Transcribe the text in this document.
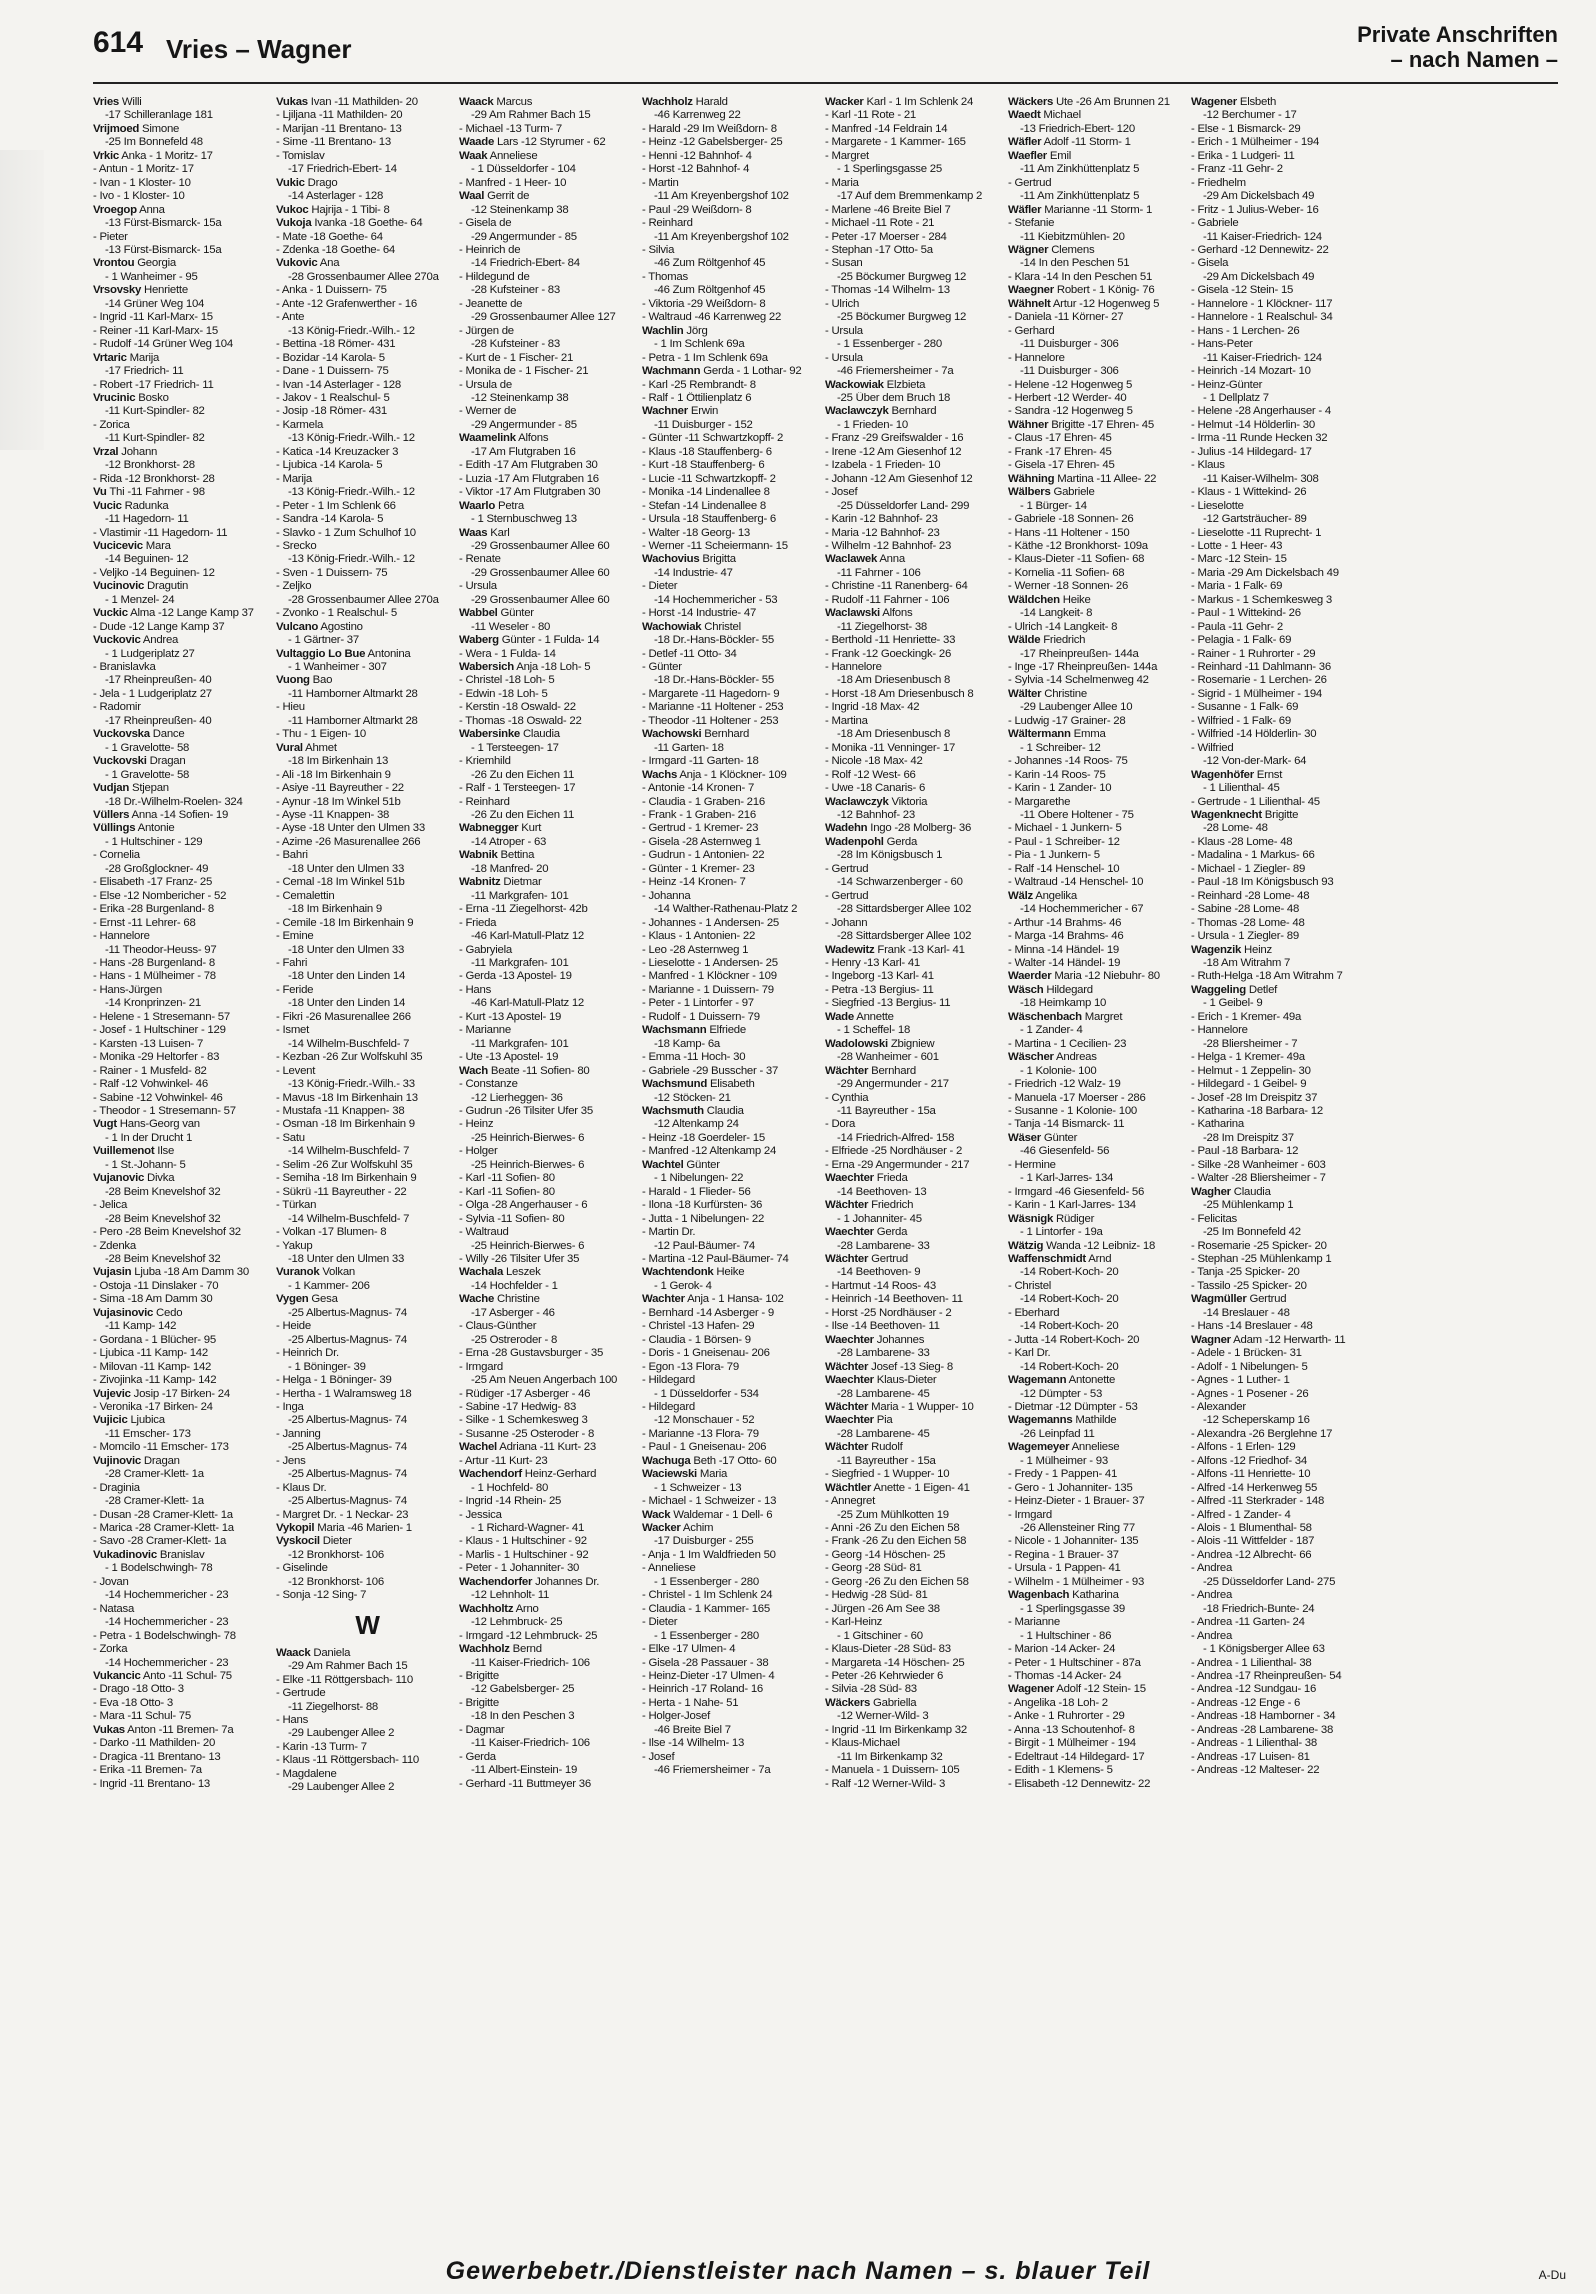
614 Vries – Wagner	Private Anschriften
– nach Namen –
Vries Willi
-17 Schilleranlage 181
Vrijmoed Simone
-25 Im Bonnefeld 48
Vrkic Anka - 1 Moritz- 17
- Antun - 1 Moritz- 17
- Ivan - 1 Kloster- 10
- Ivo - 1 Kloster- 10
Vroegop Anna
-13 Fürst-Bismarck- 15a
- Pieter
-13 Fürst-Bismarck- 15a
Vrontou Georgia
- 1 Wanheimer - 95
Vrsovsky Henriette
-14 Grüner Weg 104
- Ingrid -11 Karl-Marx- 15
- Reiner -11 Karl-Marx- 15
- Rudolf -14 Grüner Weg 104
Vrtaric Marija
-17 Friedrich- 11
- Robert -17 Friedrich- 11
Vrucinic Bosko
-11 Kurt-Spindler- 82
- Zorica
-11 Kurt-Spindler- 82
Vrzal Johann
-12 Bronkhorst- 28
- Rida -12 Bronkhorst- 28
Vu Thi -11 Fahrner - 98
Vucic Radunka
-11 Hagedorn- 11
- Vlastimir -11 Hagedorn- 11
Vucicevic Mara
-14 Beguinen- 12
- Veljko -14 Beguinen- 12
Vucinovic Dragutin
- 1 Menzel- 24
Vuckic Alma -12 Lange Kamp 37
- Dude -12 Lange Kamp 37
Vuckovic Andrea
- 1 Ludgeriplatz 27
- Branislavka
-17 Rheinpreußen- 40
- Jela - 1 Ludgeriplatz 27
- Radomir
-17 Rheinpreußen- 40
Vuckovska Dance
- 1 Gravelotte- 58
Vuckovski Dragan
- 1 Gravelotte- 58
Vudjan Stjepan
-18 Dr.-Wilhelm-Roelen- 324
Vüllers Anna -14 Sofien- 19
Vüllings Antonie
- 1 Hultschiner - 129
- Cornelia
-28 Großglockner- 49
- Elisabeth -17 Franz- 25
- Else -12 Nombericher - 52
- Erika -28 Burgenland- 8
- Ernst -11 Lehrer- 68
- Hannelore
-11 Theodor-Heuss- 97
- Hans -28 Burgenland- 8
- Hans - 1 Mülheimer - 78
- Hans-Jürgen
-14 Kronprinzen- 21
- Helene - 1 Stresemann- 57
- Josef - 1 Hultschiner - 129
- Karsten -13 Luisen- 7
- Monika -29 Heltorfer - 83
- Rainer - 1 Musfeld- 82
- Ralf -12 Vohwinkel- 46
- Sabine -12 Vohwinkel- 46
- Theodor - 1 Stresemann- 57
Vugt Hans-Georg van
- 1 In der Drucht 1
Vuillemenot Ilse
- 1 St.-Johann- 5
Vujanovic Divka
-28 Beim Knevelshof 32
- Jelica
-28 Beim Knevelshof 32
- Pero -28 Beim Knevelshof 32
- Zdenka
-28 Beim Knevelshof 32
Vujasin Ljuba -18 Am Damm 30
- Ostoja -11 Dinslaker - 70
- Sima -18 Am Damm 30
Vujasinovic Cedo
-11 Kamp- 142
- Gordana - 1 Blücher- 95
- Ljubica -11 Kamp- 142
- Milovan -11 Kamp- 142
- Zivojinka -11 Kamp- 142
Vujevic Josip -17 Birken- 24
- Veronika -17 Birken- 24
Vujicic Ljubica
-11 Emscher- 173
- Momcilo -11 Emscher- 173
Vujinovic Dragan
-28 Cramer-Klett- 1a
- Draginia
-28 Cramer-Klett- 1a
- Dusan -28 Cramer-Klett- 1a
- Marica -28 Cramer-Klett- 1a
- Savo -28 Cramer-Klett- 1a
Vukadinovic Branislav
- 1 Bodelschwingh- 78
- Jovan
-14 Hochemmericher - 23
- Natasa
-14 Hochemmericher - 23
- Petra - 1 Bodelschwingh- 78
- Zorka
-14 Hochemmericher - 23
Vukancic Anto -11 Schul- 75
- Drago -18 Otto- 3
- Eva -18 Otto- 3
- Mara -11 Schul- 75
Vukas Anton -11 Bremen- 7a
- Darko -11 Mathilden- 20
- Dragica -11 Brentano- 13
- Erika -11 Bremen- 7a
- Ingrid -11 Brentano- 13
Vukas Ivan -11 Mathilden- 20
- Ljiljana -11 Mathilden- 20
- Marijan -11 Brentano- 13
- Sime -11 Brentano- 13
- Tomislav
-17 Friedrich-Ebert- 14
Vukic Drago
-14 Asterlager - 128
Vukoc Hajrija - 1 Tibi- 8
Vukoja Ivanka -18 Goethe- 64
- Mate -18 Goethe- 64
- Zdenka -18 Goethe- 64
Vukovic Ana
-28 Grossenbaumer Allee 270a
- Anka - 1 Duissern- 75
- Ante -12 Grafenwerther - 16
- Ante
-13 König-Friedr.-Wilh.- 12
- Bettina -18 Römer- 431
- Bozidar -14 Karola- 5
- Dane - 1 Duissern- 75
- Ivan -14 Asterlager - 128
- Jakov - 1 Realschul- 5
- Josip -18 Römer- 431
- Karmela
-13 König-Friedr.-Wilh.- 12
- Katica -14 Kreuzacker 3
- Ljubica -14 Karola- 5
- Marija
-13 König-Friedr.-Wilh.- 12
- Peter - 1 Im Schlenk 66
- Sandra -14 Karola- 5
- Slavko - 1 Zum Schulhof 10
- Srecko
-13 König-Friedr.-Wilh.- 12
- Sven - 1 Duissern- 75
- Zeljko
-28 Grossenbaumer Allee 270a
- Zvonko - 1 Realschul- 5
Vulcano Agostino
- 1 Gärtner- 37
Vultaggio Lo Bue Antonina
- 1 Wanheimer - 307
Vuong Bao
-11 Hamborner Altmarkt 28
- Hieu
-11 Hamborner Altmarkt 28
- Thu - 1 Eigen- 10
Vural Ahmet
-18 Im Birkenhain 13
- Ali -18 Im Birkenhain 9
- Asiye -11 Bayreuther - 22
- Aynur -18 Im Winkel 51b
- Ayse -11 Knappen- 38
- Ayse -18 Unter den Ulmen 33
- Azime -26 Masurenallee 266
- Bahri
-18 Unter den Ulmen 33
- Cemal -18 Im Winkel 51b
- Cemalettin
-18 Im Birkenhain 9
- Cemile -18 Im Birkenhain 9
- Emine
-18 Unter den Ulmen 33
- Fahri
-18 Unter den Linden 14
- Feride
-18 Unter den Linden 14
- Fikri -26 Masurenallee 266
- Ismet
-14 Wilhelm-Buschfeld- 7
- Kezban -26 Zur Wolfskuhl 35
- Levent
-13 König-Friedr.-Wilh.- 33
- Mavus -18 Im Birkenhain 13
- Mustafa -11 Knappen- 38
- Osman -18 Im Birkenhain 9
- Satu
-14 Wilhelm-Buschfeld- 7
- Selim -26 Zur Wolfskuhl 35
- Semiha -18 Im Birkenhain 9
- Sükrü -11 Bayreuther - 22
- Türkan
-14 Wilhelm-Buschfeld- 7
- Volkan -17 Blumen- 8
- Yakup
-18 Unter den Ulmen 33
Vuranok Volkan
- 1 Kammer- 206
Vygen Gesa
-25 Albertus-Magnus- 74
- Heide
-25 Albertus-Magnus- 74
- Heinrich Dr.
- 1 Böninger- 39
- Helga - 1 Böninger- 39
- Hertha - 1 Walramsweg 18
- Inga
-25 Albertus-Magnus- 74
- Janning
-25 Albertus-Magnus- 74
- Jens
-25 Albertus-Magnus- 74
- Klaus Dr.
-25 Albertus-Magnus- 74
- Margret Dr. - 1 Neckar- 23
Vykopil Maria -46 Marien- 1
Vyskocil Dieter
-12 Bronkhorst- 106
- Giselinde
-12 Bronkhorst- 106
- Sonja -12 Sing- 7
W
Waack Daniela
-29 Am Rahmer Bach 15
- Elke -11 Röttgersbach- 110
- Gertrude
-11 Ziegelhorst- 88
- Hans
-29 Laubenger Allee 2
- Karin -13 Turm- 7
- Klaus -11 Röttgersbach- 110
- Magdalene
-29 Laubenger Allee 2
Waack Marcus
-29 Am Rahmer Bach 15
- Michael -13 Turm- 7
Waade Lars -12 Styrumer - 62
Waak Anneliese
- 1 Düsseldorfer - 104
- Manfred - 1 Heer- 10
Waal Gerrit de
-12 Steinenkamp 38
- Gisela de
-29 Angermunder - 85
- Heinrich de
-14 Friedrich-Ebert- 84
- Hildegund de
-28 Kufsteiner - 83
- Jeanette de
-29 Grossenbaumer Allee 127
- Jürgen de
-28 Kufsteiner - 83
- Kurt de - 1 Fischer- 21
- Monika de - 1 Fischer- 21
- Ursula de
-12 Steinenkamp 38
- Werner de
-29 Angermunder - 85
Waamelink Alfons
-17 Am Flutgraben 16
- Edith -17 Am Flutgraben 30
- Luzia -17 Am Flutgraben 16
- Viktor -17 Am Flutgraben 30
Waarlo Petra
- 1 Sternbuschweg 13
Waas Karl
-29 Grossenbaumer Allee 60
- Renate
-29 Grossenbaumer Allee 60
- Ursula
-29 Grossenbaumer Allee 60
Wabbel Günter
-11 Weseler - 80
Waberg Günter - 1 Fulda- 14
- Wera - 1 Fulda- 14
Wabersich Anja -18 Loh- 5
- Christel -18 Loh- 5
- Edwin -18 Loh- 5
- Kerstin -18 Oswald- 22
- Thomas -18 Oswald- 22
Wabersinke Claudia
- 1 Tersteegen- 17
- Kriemhild
-26 Zu den Eichen 11
- Ralf - 1 Tersteegen- 17
- Reinhard
-26 Zu den Eichen 11
Wabnegger Kurt
-14 Atroper - 63
Wabnik Bettina
-18 Manfred- 20
Wabnitz Dietmar
-11 Markgrafen- 101
- Erna -11 Ziegelhorst- 42b
- Frieda
-46 Karl-Matull-Platz 12
- Gabryiela
-11 Markgrafen- 101
- Gerda -13 Apostel- 19
- Hans
-46 Karl-Matull-Platz 12
- Kurt -13 Apostel- 19
- Marianne
-11 Markgrafen- 101
- Ute -13 Apostel- 19
Wach Beate -11 Sofien- 80
- Constanze
-12 Lierheggen- 36
- Gudrun -26 Tilsiter Ufer 35
- Heinz
-25 Heinrich-Bierwes- 6
- Holger
-25 Heinrich-Bierwes- 6
- Karl -11 Sofien- 80
- Karl -11 Sofien- 80
- Olga -28 Angerhauser - 6
- Sylvia -11 Sofien- 80
- Waltraud
-25 Heinrich-Bierwes- 6
- Willy -26 Tilsiter Ufer 35
Wachala Leszek
-14 Hochfelder - 1
Wache Christine
-17 Asberger - 46
- Claus-Günther
-25 Ostreroder - 8
- Erna -28 Gustavsburger - 35
- Irmgard
-25 Am Neuen Angerbach 100
- Rüdiger -17 Asberger - 46
- Sabine -17 Hedwig- 83
- Silke - 1 Schemkesweg 3
- Susanne -25 Osteroder - 8
Wachel Adriana -11 Kurt- 23
- Artur -11 Kurt- 23
Wachendorf Heinz-Gerhard
- 1 Hochfeld- 80
- Ingrid -14 Rhein- 25
- Jessica
- 1 Richard-Wagner- 41
- Klaus - 1 Hultschiner - 92
- Marlis - 1 Hultschiner - 92
- Peter - 1 Johanniter- 30
Wachendorfer Johannes Dr.
-12 Lehnholt- 11
Wachholtz Arno
-12 Lehmbruck- 25
- Irmgard -12 Lehmbruck- 25
Wachholz Bernd
-11 Kaiser-Friedrich- 106
- Brigitte
-12 Gabelsberger- 25
- Brigitte
-18 In den Peschen 3
- Dagmar
-11 Kaiser-Friedrich- 106
- Gerda
-11 Albert-Einstein- 19
- Gerhard -11 Buttmeyer 36
Wachholz Harald
-46 Karrenweg 22
- Harald -29 Im Weißdorn- 8
- Heinz -12 Gabelsberger- 25
- Henni -12 Bahnhof- 4
- Horst -12 Bahnhof- 4
- Martin
-11 Am Kreyenbergshof 102
- Paul -29 Weißdorn- 8
- Reinhard
-11 Am Kreyenbergshof 102
- Silvia
-46 Zum Röltgenhof 45
- Thomas
-46 Zum Röltgenhof 45
- Viktoria -29 Weißdorn- 8
- Waltraud -46 Karrenweg 22
Wachlin Jörg
- 1 Im Schlenk 69a
- Petra - 1 Im Schlenk 69a
Wachmann Gerda - 1 Lothar- 92
- Karl -25 Rembrandt- 8
- Ralf - 1 Öttilienplatz 6
Wachner Erwin
-11 Duisburger - 152
- Günter -11 Schwartzkopff- 2
- Klaus -18 Stauffenberg- 6
- Kurt -18 Stauffenberg- 6
- Lucie -11 Schwartzkopff- 2
- Monika -14 Lindenallee 8
- Stefan -14 Lindenallee 8
- Ursula -18 Stauffenberg- 6
- Walter -18 Georg- 13
- Werner -11 Scheiermann- 15
Wachovius Brigitta
-14 Industrie- 47
- Dieter
-14 Hochemmericher - 53
- Horst -14 Industrie- 47
Wachowiak Christel
-18 Dr.-Hans-Böckler- 55
- Detlef -11 Otto- 34
- Günter
-18 Dr.-Hans-Böckler- 55
- Margarete -11 Hagedorn- 9
- Marianne -11 Holtener - 253
- Theodor -11 Holtener - 253
Wachowski Bernhard
-11 Garten- 18
- Irmgard -11 Garten- 18
Wachs Anja - 1 Klöckner- 109
- Antonie -14 Kronen- 7
- Claudia - 1 Graben- 216
- Frank - 1 Graben- 216
- Gertrud - 1 Kremer- 23
- Gisela -28 Asternweg 1
- Gudrun - 1 Antonien- 22
- Günter - 1 Kremer- 23
- Heinz -14 Kronen- 7
- Johanna
-14 Walther-Rathenau-Platz 2
- Johannes - 1 Andersen- 25
- Klaus - 1 Antonien- 22
- Leo -28 Asternweg 1
- Lieselotte - 1 Andersen- 25
- Manfred - 1 Klöckner - 109
- Marianne - 1 Duissern- 79
- Peter - 1 Lintorfer - 97
- Rudolf - 1 Duissern- 79
Wachsmann Elfriede
-18 Kamp- 6a
- Emma -11 Hoch- 30
- Gabriele -29 Busscher - 37
Wachsmund Elisabeth
-12 Stöcken- 21
Wachsmuth Claudia
-12 Altenkamp 24
- Heinz -18 Goerdeler- 15
- Manfred -12 Altenkamp 24
Wachtel Günter
- 1 Nibelungen- 22
- Harald - 1 Flieder- 56
- Ilona -18 Kurfürsten- 36
- Jutta - 1 Nibelungen- 22
- Martin Dr.
-12 Paul-Bäumer- 74
- Martina -12 Paul-Bäumer- 74
Wachtendonk Heike
- 1 Gerok- 4
Wachter Anja - 1 Hansa- 102
- Bernhard -14 Asberger - 9
- Christel -13 Hafen- 29
- Claudia - 1 Börsen- 9
- Doris - 1 Gneisenau- 206
- Egon -13 Flora- 79
- Hildegard
- 1 Düsseldorfer - 534
- Hildegard
-12 Monschauer - 52
- Marianne -13 Flora- 79
- Paul - 1 Gneisenau- 206
Wachuga Beth -17 Otto- 60
Waciewski Maria
- 1 Schweizer - 13
- Michael - 1 Schweizer - 13
Wack Waldemar - 1 Dell- 6
Wacker Achim
-17 Duisburger - 255
- Anja - 1 Im Waldfrieden 50
- Anneliese
- 1 Essenberger - 280
- Christel - 1 Im Schlenk 24
- Claudia - 1 Kammer- 165
- Dieter
- 1 Essenberger - 280
- Elke -17 Ulmen- 4
- Gisela -28 Passauer - 38
- Heinz-Dieter -17 Ulmen- 4
- Heinrich -17 Roland- 16
- Herta - 1 Nahe- 51
- Holger-Josef
-46 Breite Biel 7
- Ilse -14 Wilhelm- 13
- Josef
-46 Friemersheimer - 7a
Wacker Karl - 1 Im Schlenk 24
- Karl -11 Rote - 21
- Manfred -14 Feldrain 14
- Margarete - 1 Kammer- 165
- Margret
- 1 Sperlingsgasse 25
- Maria
-17 Auf dem Bremmenkamp 2
- Marlene -46 Breite Biel 7
- Michael -11 Rote - 21
- Peter -17 Moerser - 284
- Stephan -17 Otto- 5a
- Susan
-25 Böckumer Burgweg 12
- Thomas -14 Wilhelm- 13
- Ulrich
-25 Böckumer Burgweg 12
- Ursula
- 1 Essenberger - 280
- Ursula
-46 Friemersheimer - 7a
Wackowiak Elzbieta
-25 Über dem Bruch 18
Waclawczyk Bernhard
- 1 Frieden- 10
- Franz -29 Greifswalder - 16
- Irene -12 Am Giesenhof 12
- Izabela - 1 Frieden- 10
- Johann -12 Am Giesenhof 12
- Josef
-25 Düsseldorfer Land- 299
- Karin -12 Bahnhof- 23
- Maria -12 Bahnhof- 23
- Wilhelm -12 Bahnhof- 23
Waclawek Anna
-11 Fahrner - 106
- Christine -11 Ranenberg- 64
- Rudolf -11 Fahrner - 106
Waclawski Alfons
-11 Ziegelhorst- 38
- Berthold -11 Henriette- 33
- Frank -12 Goeckingk- 26
- Hannelore
-18 Am Driesenbusch 8
- Horst -18 Am Driesenbusch 8
- Ingrid -18 Max- 42
- Martina
-18 Am Driesenbusch 8
- Monika -11 Venninger- 17
- Nicole -18 Max- 42
- Rolf -12 West- 66
- Uwe -18 Canaris- 6
Waclawczyk Viktoria
-12 Bahnhof- 23
Wadehn Ingo -28 Molberg- 36
Wadenpohl Gerda
-28 Im Königsbusch 1
- Gertrud
-14 Schwarzenberger - 60
- Gertrud
-28 Sittardsberger Allee 102
- Johann
-28 Sittardsberger Allee 102
Wadewitz Frank -13 Karl- 41
- Henry -13 Karl- 41
- Ingeborg -13 Karl- 41
- Petra -13 Bergius- 11
- Siegfried -13 Bergius- 11
Wade Annette
- 1 Scheffel- 18
Wadolowski Zbigniew
-28 Wanheimer - 601
Wächter Bernhard
-29 Angermunder - 217
- Cynthia
-11 Bayreuther - 15a
- Dora
-14 Friedrich-Alfred- 158
- Elfriede -25 Nordhäuser - 2
- Erna -29 Angermunder - 217
Waechter Frieda
-14 Beethoven- 13
Wächter Friedrich
- 1 Johanniter- 45
Waechter Gerda
-28 Lambarene- 33
Wächter Gertrud
-14 Beethoven- 9
- Hartmut -14 Roos- 43
- Heinrich -14 Beethoven- 11
- Horst -25 Nordhäuser - 2
- Ilse -14 Beethoven- 11
Waechter Johannes
-28 Lambarene- 33
Wächter Josef -13 Sieg- 8
Waechter Klaus-Dieter
-28 Lambarene- 45
Wächter Maria - 1 Wupper- 10
Waechter Pia
-28 Lambarene- 45
Wächter Rudolf
-11 Bayreuther - 15a
- Siegfried - 1 Wupper- 10
Wächtler Anette - 1 Eigen- 41
- Annegret
-25 Zum Mühlkotten 19
- Anni -26 Zu den Eichen 58
- Frank -26 Zu den Eichen 58
- Georg -14 Höschen- 25
- Georg -28 Süd- 81
- Georg -26 Zu den Eichen 58
- Hedwig -28 Süd- 81
- Jürgen -26 Am See 38
- Karl-Heinz
- 1 Gitschiner - 60
- Klaus-Dieter -28 Süd- 83
- Margareta -14 Höschen- 25
- Peter -26 Kehrwieder 6
- Silvia -28 Süd- 83
Wäckers Gabriella
-12 Werner-Wild- 3
- Ingrid -11 Im Birkenkamp 32
- Klaus-Michael
-11 Im Birkenkamp 32
- Manuela - 1 Duissern- 105
- Ralf -12 Werner-Wild- 3
Wäckers Ute -26 Am Brunnen 21
Waedt Michael
-13 Friedrich-Ebert- 120
Wäfler Adolf -11 Storm- 1
Waefler Emil
-11 Am Zinkhüttenplatz 5
- Gertrud
-11 Am Zinkhüttenplatz 5
Wäfler Marianne -11 Storm- 1
- Stefanie
-11 Kiebitzmühlen- 20
Wägner Clemens
-14 In den Peschen 51
- Klara -14 In den Peschen 51
Waegner Robert - 1 König- 76
Wähnelt Artur -12 Hogenweg 5
- Daniela -11 Körner- 27
- Gerhard
-11 Duisburger - 306
- Hannelore
-11 Duisburger - 306
- Helene -12 Hogenweg 5
- Herbert -12 Werder- 40
- Sandra -12 Hogenweg 5
Wähner Brigitte -17 Ehren- 45
- Claus -17 Ehren- 45
- Frank -17 Ehren- 45
- Gisela -17 Ehren- 45
Wähning Martina -11 Allee- 22
Wälbers Gabriele
- 1 Bürger- 14
- Gabriele -18 Sonnen- 26
- Hans -11 Holtener - 150
- Käthe -12 Bronkhorst- 109a
- Klaus-Dieter -11 Sofien- 68
- Kornelia -11 Sofien- 68
- Werner -18 Sonnen- 26
Wäldchen Heike
-14 Langkeit- 8
- Ulrich -14 Langkeit- 8
Wälde Friedrich
-17 Rheinpreußen- 144a
- Inge -17 Rheinpreußen- 144a
- Sylvia -14 Schelmenweg 42
Wälter Christine
-29 Laubenger Allee 10
- Ludwig -17 Grainer- 28
Wältermann Emma
- 1 Schreiber- 12
- Johannes -14 Roos- 75
- Karin -14 Roos- 75
- Karin - 1 Zander- 10
- Margarethe
-11 Obere Holtener - 75
- Michael - 1 Junkern- 5
- Paul - 1 Schreiber- 12
- Pia - 1 Junkern- 5
- Ralf -14 Henschel- 10
- Waltraud -14 Henschel- 10
Wälz Angelika
-14 Hochemmericher - 67
- Arthur -14 Brahms- 46
- Marga -14 Brahms- 46
- Minna -14 Händel- 19
- Walter -14 Händel- 19
Waerder Maria -12 Niebuhr- 80
Wäsch Hildegard
-18 Heimkamp 10
Wäschenbach Margret
- 1 Zander- 4
- Martina - 1 Cecilien- 23
Wäscher Andreas
- 1 Kolonie- 100
- Friedrich -12 Walz- 19
- Manuela -17 Moerser - 286
- Susanne - 1 Kolonie- 100
- Tanja -14 Bismarck- 11
Wäser Günter
-46 Giesenfeld- 56
- Hermine
- 1 Karl-Jarres- 134
- Irmgard -46 Giesenfeld- 56
- Karin - 1 Karl-Jarres- 134
Wäsnigk Rüdiger
- 1 Lintorfer - 19a
Wätzig Wanda -12 Leibniz- 18
Waffenschmidt Arnd
-14 Robert-Koch- 20
- Christel
-14 Robert-Koch- 20
- Eberhard
-14 Robert-Koch- 20
- Jutta -14 Robert-Koch- 20
- Karl Dr.
-14 Robert-Koch- 20
Wagemann Antonette
-12 Dümpter - 53
- Dietmar -12 Dümpter - 53
Wagemanns Mathilde
-26 Leinpfad 11
Wagemeyer Anneliese
- 1 Mülheimer - 93
- Fredy - 1 Pappen- 41
- Gero - 1 Johanniter- 135
- Heinz-Dieter - 1 Brauer- 37
- Irmgard
-26 Allensteiner Ring 77
- Nicole - 1 Johanniter- 135
- Regina - 1 Brauer- 37
- Ursula - 1 Pappen- 41
- Wilhelm - 1 Mülheimer - 93
Wagenbach Katharina
- 1 Sperlingsgasse 39
- Marianne
- 1 Hultschiner - 86
- Marion -14 Acker- 24
- Peter - 1 Hultschiner - 87a
- Thomas -14 Acker- 24
Wagener Adolf -12 Stein- 15
- Angelika -18 Loh- 2
- Anke - 1 Ruhrorter - 29
- Anna -13 Schoutenhof- 8
- Birgit - 1 Mülheimer - 194
- Edeltraut -14 Hildegard- 17
- Edith - 1 Klemens- 5
- Elisabeth -12 Dennewitz- 22
Wagener Elsbeth
-12 Berchumer - 17
- Else - 1 Bismarck- 29
- Erich - 1 Mülheimer - 194
- Erika - 1 Ludgeri- 11
- Franz -11 Gehr- 2
- Friedhelm
-29 Am Dickelsbach 49
- Fritz - 1 Julius-Weber- 16
- Gabriele
-11 Kaiser-Friedrich- 124
- Gerhard -12 Dennewitz- 22
- Gisela
-29 Am Dickelsbach 49
- Gisela -12 Stein- 15
- Hannelore - 1 Klöckner- 117
- Hannelore - 1 Realschul- 34
- Hans - 1 Lerchen- 26
- Hans-Peter
-11 Kaiser-Friedrich- 124
- Heinrich -14 Mozart- 10
- Heinz-Günter
- 1 Dellplatz 7
- Helene -28 Angerhauser - 4
- Helmut -14 Hölderlin- 30
- Irma -11 Runde Hecken 32
- Julius -14 Hildegard- 17
- Klaus
-11 Kaiser-Wilhelm- 308
- Klaus - 1 Wittekind- 26
- Lieselotte
-12 Gartsträucher- 89
- Lieselotte -11 Ruprecht- 1
- Lotte - 1 Heer- 43
- Marc -12 Stein- 15
- Maria -29 Am Dickelsbach 49
- Maria - 1 Falk- 69
- Markus - 1 Schemkesweg 3
- Paul - 1 Wittekind- 26
- Paula -11 Gehr- 2
- Pelagia - 1 Falk- 69
- Rainer - 1 Ruhrorter - 29
- Reinhard -11 Dahlmann- 36
- Rosemarie - 1 Lerchen- 26
- Sigrid - 1 Mülheimer - 194
- Susanne - 1 Falk- 69
- Wilfried - 1 Falk- 69
- Wilfried -14 Hölderlin- 30
- Wilfried
-12 Von-der-Mark- 64
Wagenhöfer Ernst
- 1 Lilienthal- 45
- Gertrude - 1 Lilienthal- 45
Wagenknecht Brigitte
-28 Lome- 48
- Klaus -28 Lome- 48
- Madalina - 1 Markus- 66
- Michael - 1 Ziegler- 89
- Paul -18 Im Königsbusch 93
- Reinhard -28 Lome- 48
- Sabine -28 Lome- 48
- Thomas -28 Lome- 48
- Ursula - 1 Ziegler- 89
Wagenzik Heinz
-18 Am Witrahm 7
- Ruth-Helga -18 Am Witrahm 7
Waggeling Detlef
- 1 Geibel- 9
- Erich - 1 Kremer- 49a
- Hannelore
-28 Bliersheimer - 7
- Helga - 1 Kremer- 49a
- Helmut - 1 Zeppelin- 30
- Hildegard - 1 Geibel- 9
- Josef -28 Im Dreispitz 37
- Katharina -18 Barbara- 12
- Katharina
-28 Im Dreispitz 37
- Paul -18 Barbara- 12
- Silke -28 Wanheimer - 603
- Walter -28 Bliersheimer - 7
Wagher Claudia
-25 Mühlenkamp 1
- Felicitas
-25 Im Bonnefeld 42
- Rosemarie -25 Spicker- 20
- Stephan -25 Mühlenkamp 1
- Tanja -25 Spicker- 20
- Tassilo -25 Spicker- 20
Wagmüller Gertrud
-14 Breslauer - 48
- Hans -14 Breslauer - 48
Wagner Adam -12 Herwarth- 11
- Adele - 1 Brücken- 31
- Adolf - 1 Nibelungen- 5
- Agnes - 1 Luther- 1
- Agnes - 1 Posener - 26
- Alexander
-12 Scheperskamp 16
- Alexandra -26 Berglehne 17
- Alfons - 1 Erlen- 129
- Alfons -12 Friedhof- 34
- Alfons -11 Henriette- 10
- Alfred -14 Herkenweg 55
- Alfred -11 Sterkrader - 148
- Alfred - 1 Zander- 4
- Alois - 1 Blumenthal- 58
- Alois -11 Wittfelder - 187
- Andrea -12 Albrecht- 66
- Andrea
-25 Düsseldorfer Land- 275
- Andrea
-18 Friedrich-Bunte- 24
- Andrea -11 Garten- 24
- Andrea
- 1 Königsberger Allee 63
- Andrea - 1 Lilienthal- 38
- Andrea -17 Rheinpreußen- 54
- Andrea -12 Sundgau- 16
- Andreas -12 Enge - 6
- Andreas -18 Hamborner - 34
- Andreas -28 Lambarene- 38
- Andreas - 1 Lilienthal- 38
- Andreas -17 Luisen- 81
- Andreas -12 Malteser- 22
Gewerbebetr./Dienstleister nach Namen – s. blauer Teil	A-Du
